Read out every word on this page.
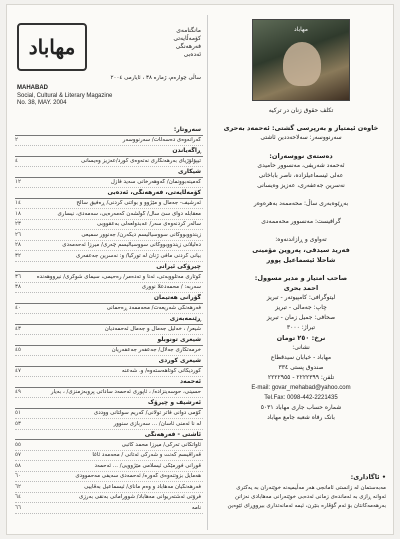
مهاباد
مانگنامەی
کۆمەڵایەتی
فەرهەنگی
ئەدەبی
ساڵی چوارەم، ژمارە ٣٨ ، ئایارمی ٢٠٠٤
MAHABAD
Social, Cultural & Literary Magazine
No. 38, MAY. 2004
سەروتار:
٢	گەرانەوەی دەسەڵات/ سەرنووسەر
ڕاگەیاندن
٤	تیپۆلۆژیای بەرهەنگاری نەتەوەی کورد/عەزیز وەیسانی
شیکاری
١٢	کەمینەبوونمان/ گەوهەرخانی سەید فازڵ
کۆمەڵایەتی، فەرهەنگی، ئەدەبی
١٤	ئەرشیف- جەمال و مێژوو و بواتنی کردنی/ ڕەفیق ساڵح
١٨	معقابلە دوای سێ ساڵ/ گولشەن کەمەرەیی، سەمەدی، نیساری
٢٣	ساڵەر کردنەوەی سەر/ عەبدولعەلی بەعقووبی
٢٦	زیندووبووکانی سووسیالیسم دیکەرن/ جەنوور سمیعی
٢٨	دەلیلانی زیندووبووکانی سووسیالیسم چەری/ میرزا ئەحەمەدی
٣٢	بیانی کردنی مافی ژنان لە تورکیا/ و: نەسرین جەعفەری
چیرۆکی ئیرانی
٣٦	کوتاری مەتلووبەتی، ئەنا و تەدەمر/ رەحیمی، سیمای شوکری/ نیرووهەندە
٣٨	سەربە: / محمەدعلا نووری
گۆرانی هەتیمان
٤٠	فەرهەنگی شەریعەت/ محەممەد ڕەحمانی
ڕێنمەبەزی
٤٣	شیعر/ ، خەلیل جەمال و جەمال ئەحمەدیان
شیعری تونوبلو
٤٥	خرمەتکاری جەلال/ جەعفەر جەعفەریان
شیعری کوردی
٤٧	کوردیکانی کوتاهەستەوە/ و. شەعنە
ئەحمەد
٤٩	حسینی، حوسەینزادە/ ، ئاپوری ئەحمەد ساداتی پروبەزمنزی/ ، بەیار
ئەرشیف و چیرۆک
٥١	کۆمی دوانی فاتر تولانی/ کەریم سوڵتانی ووددی
٥٣	لە نا ئەمنی ئاسان/ ... سەربازی سنوور
ئاشتی - فەرهەنگی
٥٥	ئاواتکانی تەرکی/ میرزا محمد کاتبی
٥٧	قەراقیسم کەنت و شەرکی ئەتانی / محەمەد ئاغا
٥٨	قورانی فورمێکی ئیسلامی مێژوویی/ ... ئەحمەد
٦٠	هەمایل بزوتنەوەی گەورە/ ئەحمەدی سەیفی مەحموودی
٦٢	فەرهەنگیان مەهاباد و وەم مانای/ ئیسماعیل بەقاییی
٦٤	فرۆتی ئەشتەریوانی مەهاباد/ شوورامانی بەنقی بەرزی
٦٦	نامە
مهاباد
تکلف حقوق زنان در ترکیه
خاوەن ئیمتیاز و بەرپرسی گشتی: ئەحمەد بەحری
سەرنووسەر: سەلاحەددین ئاشتی
دەستەی نووسەران:
ئەحمەد شەریفی، مەنسوور حامیدی
عەلی ئیسماعیلزادە، ناصر باباخانی
نەسرین جەعفەری، عەزیز وەیسانی
بەڕێوەبەری ساڵ: محەممەد بەهرەوەر
گرافیست: مەنسوور محەممەدی
تەواوی و ڕازاندنەوە:
فەرید سیدقی، پەروین مۆمینی
شاحلا ئیسماعیل پوور
صاحب امتیاز و مدیر مسوول:
احمد بحری
لیتوگرافی: کامپیوتەر - تبریز
چاپ: جەمالی - تبریز
صحافی: جمیل زمان - تبریز
تیراژ: ٣٠٠٠
نرخ: ٢٥٠ تومان
نشانی:
مهاباد - خیابان سیدقطاع
صندوق پستی ٣٣٤
تلفن: ٢٢٢٢٣٩٩ - ٢٢٢٢٩٥٥
E-mail: govar_mehabad@yahoo.com
Tel.Fax: 0098-442-2221435
شمارە حساب جاری مهاباد ٥٠٣١
بانک رفاه شعبه جامع مهاباد
• ئاگاداری:
مەبەستمان لە زانستی ئامانجی هەر مەڵیمیەنە خوێنەران بە یەکتری
ئەوانە ڕازی بە ئەماندەی زمانی ئەدەبی خوێنەرانی مەهابادی نەزانن
بەرهەمەکانتان بۆ ئەم گۆڤارە بنێرن، ئیمە ئەمانەتداری بیرووڕای ئێوەین
